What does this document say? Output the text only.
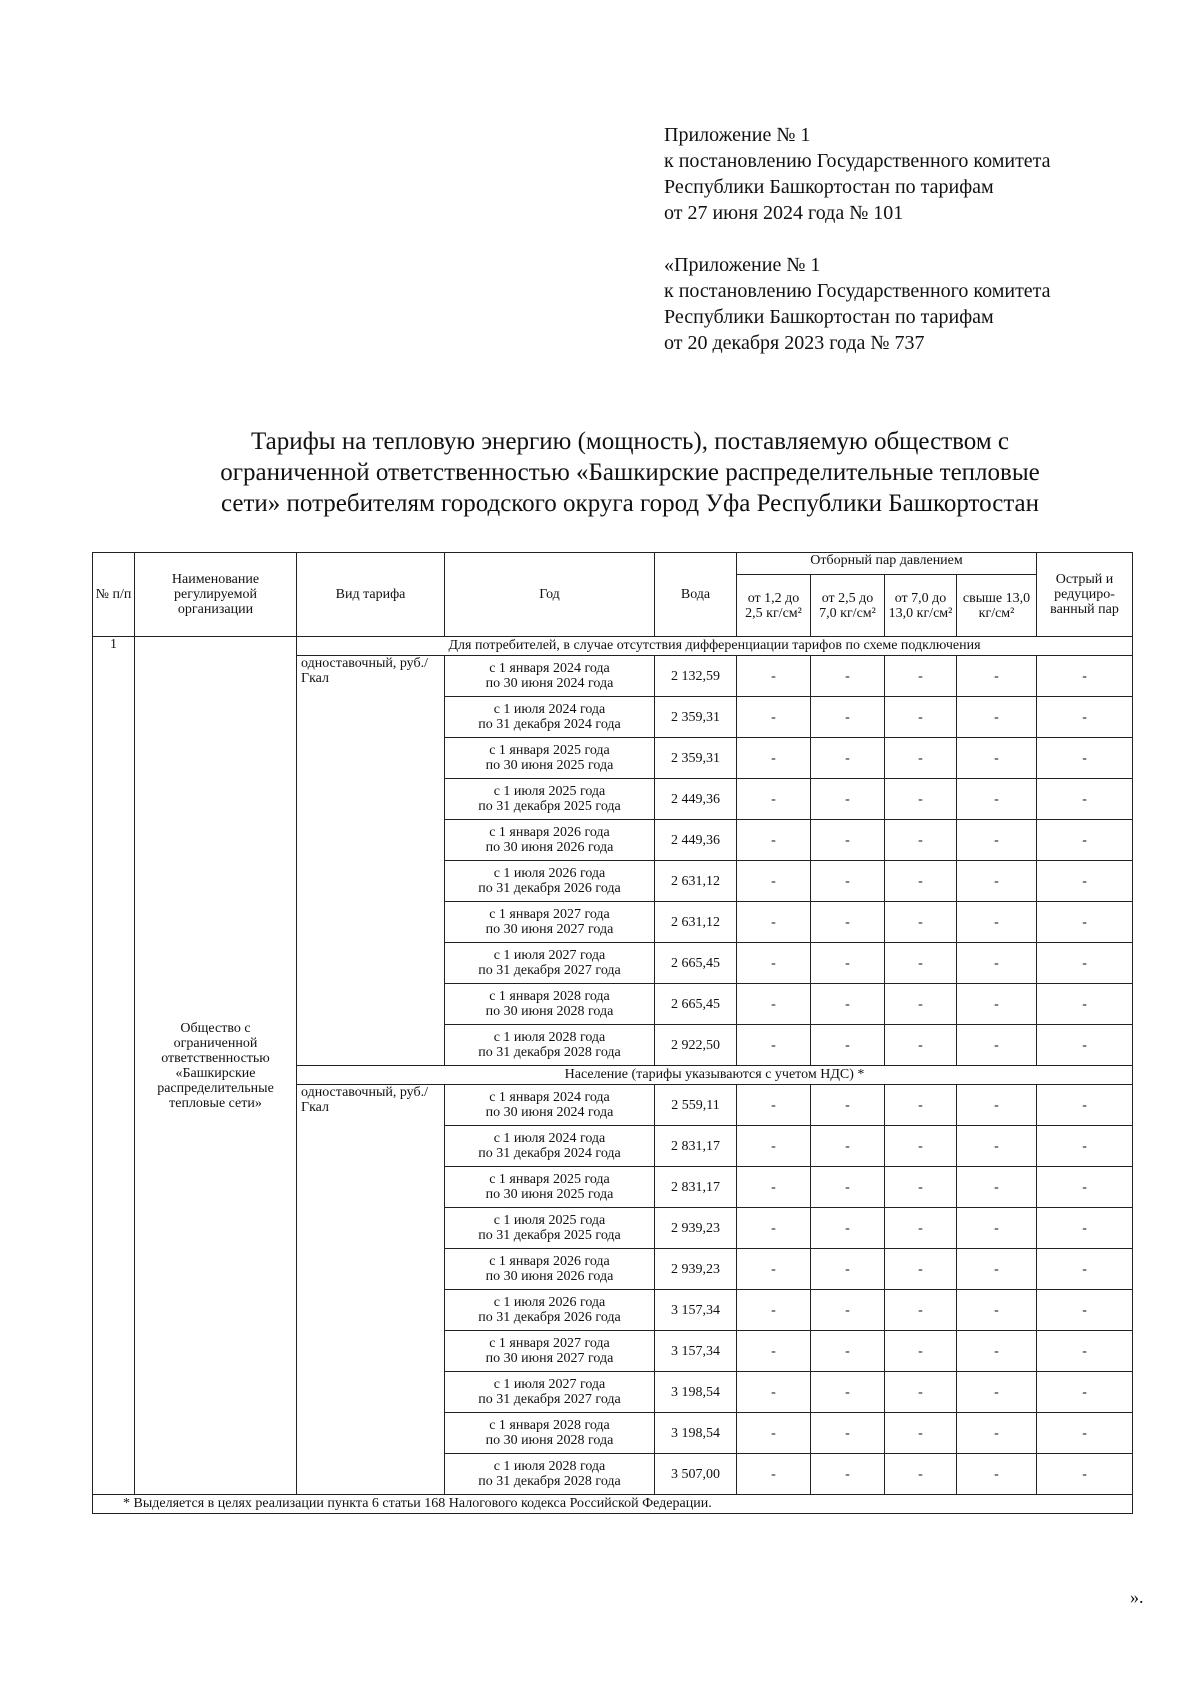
Приложение № 1
к постановлению Государственного комитета
Республики Башкортостан по тарифам
от 27 июня 2024 года № 101
«Приложение № 1
к постановлению Государственного комитета
Республики Башкортостан по тарифам
от 20 декабря 2023 года № 737
Тарифы на тепловую энергию (мощность), поставляемую обществом с
ограниченной ответственностью «Башкирские распределительные тепловые
сети» потребителям городского округа город Уфа Республики Башкортостан
№ п/п	Наименование регулируемой организации	Вид тарифа	Год	Вода	Отборный пар давлением				Острый и редуциро-ванный пар
					от 1,2 до 2,5 кг/см²	от 2,5 до 7,0 кг/см²	от 7,0 до 13,0 кг/см²	свыше 13,0 кг/см²	
1	Общество с ограниченной ответственностью «Башкирские распределительные тепловые сети»	Для потребителей, в случае отсутствия дифференциации тарифов по схеме подключения							
		одноставочный, руб./Гкал	с 1 января 2024 года
по 30 июня 2024 года	2 132,59	-	-	-	-	-

			с 1 июля 2024 года
по 31 декабря 2024 года	2 359,31	-	-	-	-	-

			с 1 января 2025 года
по 30 июня 2025 года	2 359,31	-	-	-	-	-

			с 1 июля 2025 года
по 31 декабря 2025 года	2 449,36	-	-	-	-	-

			с 1 января 2026 года
по 30 июня 2026 года	2 449,36	-	-	-	-	-

			с 1 июля 2026 года
по 31 декабря 2026 года	2 631,12	-	-	-	-	-

			с 1 января 2027 года
по 30 июня 2027 года	2 631,12	-	-	-	-	-

			с 1 июля 2027 года
по 31 декабря 2027 года	2 665,45	-	-	-	-	-

			с 1 января 2028 года
по 30 июня 2028 года	2 665,45	-	-	-	-	-

			с 1 июля 2028 года
по 31 декабря 2028 года	2 922,50	-	-	-	-	-
		Население (тарифы указываются с учетом НДС) *							
		одноставочный, руб./Гкал	с 1 января 2024 года
по 30 июня 2024 года	2 559,11	-	-	-	-	-

			с 1 июля 2024 года
по 31 декабря 2024 года	2 831,17	-	-	-	-	-

			с 1 января 2025 года
по 30 июня 2025 года	2 831,17	-	-	-	-	-

			с 1 июля 2025 года
по 31 декабря 2025 года	2 939,23	-	-	-	-	-

			с 1 января 2026 года
по 30 июня 2026 года	2 939,23	-	-	-	-	-

			с 1 июля 2026 года
по 31 декабря 2026 года	3 157,34	-	-	-	-	-

			с 1 января 2027 года
по 30 июня 2027 года	3 157,34	-	-	-	-	-

			с 1 июля 2027 года
по 31 декабря 2027 года	3 198,54	-	-	-	-	-

			с 1 января 2028 года
по 30 июня 2028 года	3 198,54	-	-	-	-	-

			с 1 июля 2028 года
по 31 декабря 2028 года	3 507,00	-	-	-	-	-
* Выделяется в целях реализации пункта 6 статьи 168 Налогового кодекса Российской Федерации.									
».
